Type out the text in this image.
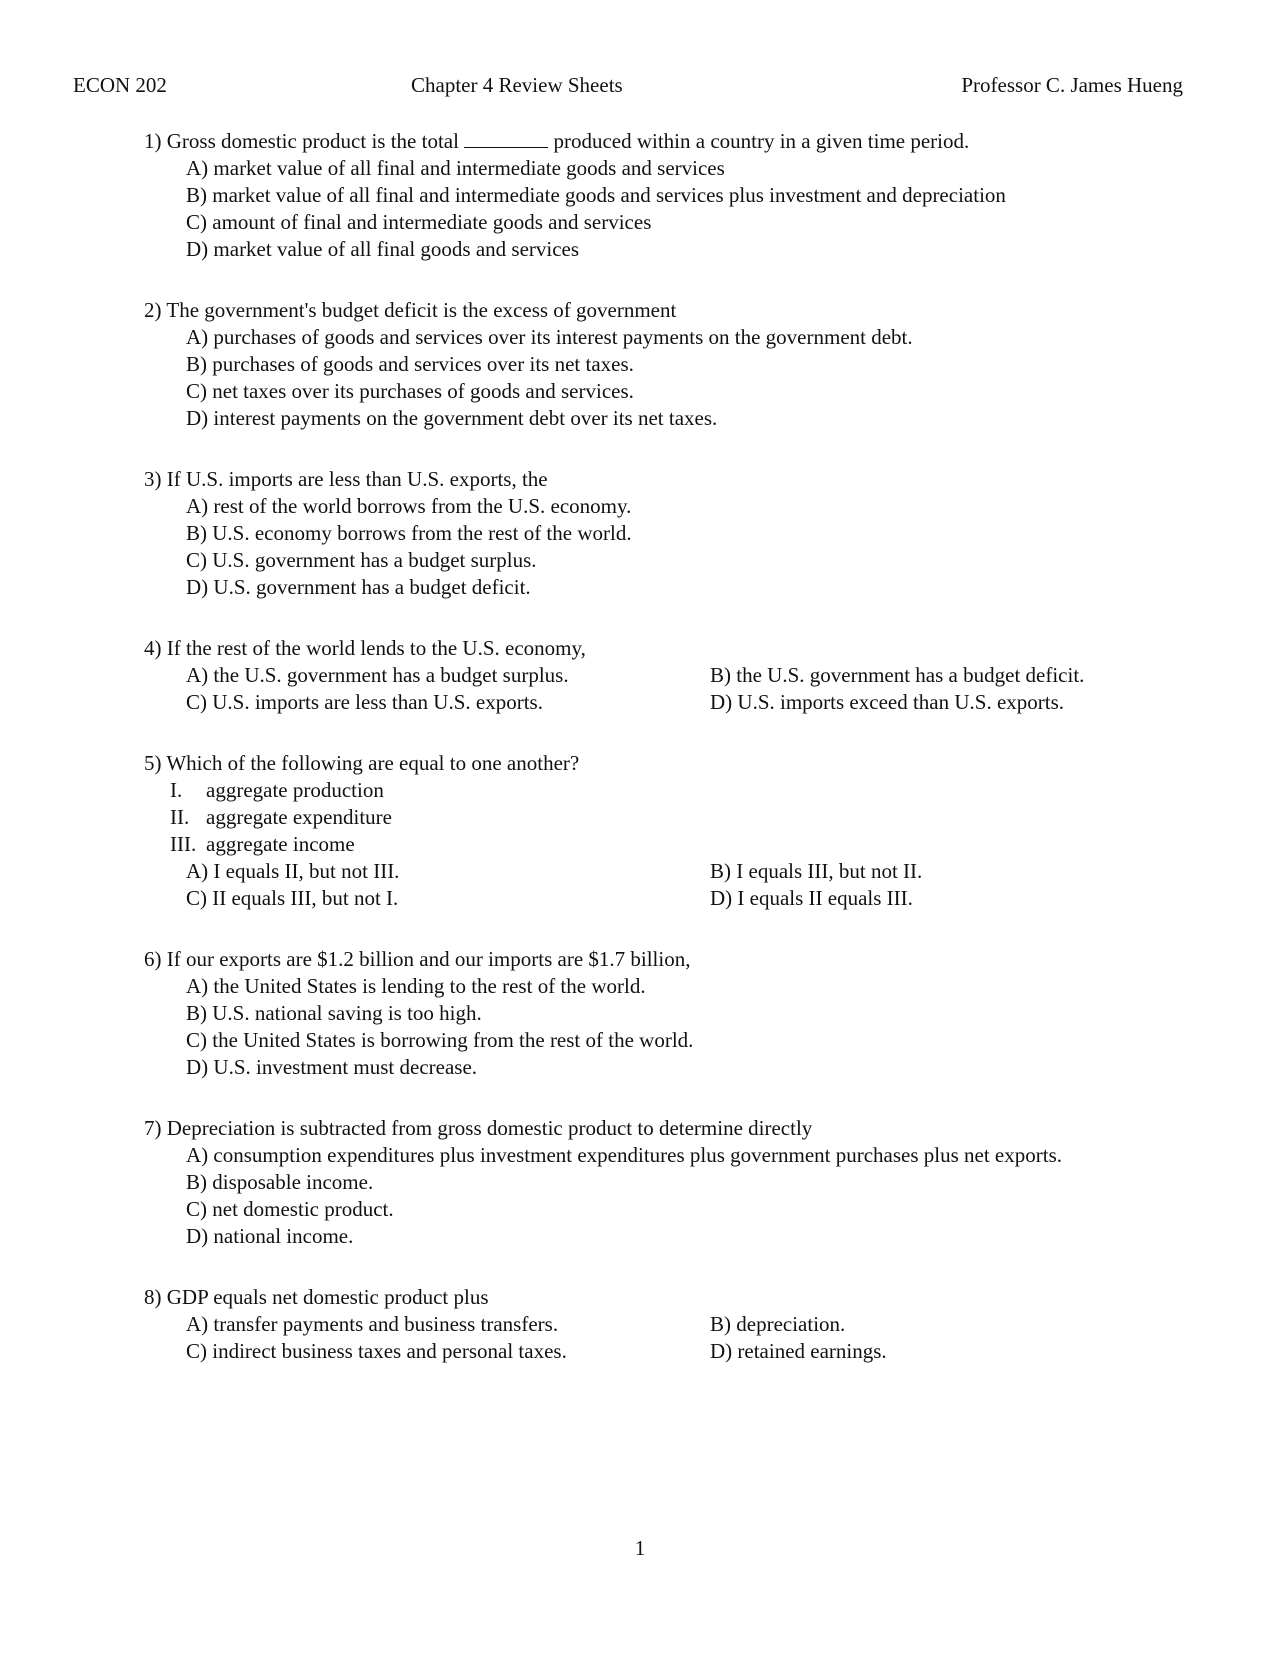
ECON 202	Chapter 4 Review Sheets	Professor C. James Hueng
1) Gross domestic product is the total	produced within a country in a given time period.
A) market value of all final and intermediate goods and services
B) market value of all final and intermediate goods and services plus investment and depreciation
C) amount of final and intermediate goods and services
D) market value of all final goods and services
2) The government's budget deficit is the excess of government
A) purchases of goods and services over its interest payments on the government debt.
B) purchases of goods and services over its net taxes.
C) net taxes over its purchases of goods and services.
D) interest payments on the government debt over its net taxes.
3) If U.S. imports are less than U.S. exports, the
A) rest of the world borrows from the U.S. economy.
B) U.S. economy borrows from the rest of the world.
C) U.S. government has a budget surplus.
D) U.S. government has a budget deficit.
4) If the rest of the world lends to the U.S. economy,
A) the U.S. government has a budget surplus.	B) the U.S. government has a budget deficit.
C) U.S. imports are less than U.S. exports.	D) U.S. imports exceed than U.S. exports.
5) Which of the following are equal to one another?
I. aggregate production
II. aggregate expenditure
III. aggregate income
A) I equals II, but not III.	B) I equals III, but not II.
C) II equals III, but not I.	D) I equals II equals III.
6) If our exports are $1.2 billion and our imports are $1.7 billion,
A) the United States is lending to the rest of the world.
B) U.S. national saving is too high.
C) the United States is borrowing from the rest of the world.
D) U.S. investment must decrease.
7) Depreciation is subtracted from gross domestic product to determine directly
A) consumption expenditures plus investment expenditures plus government purchases plus net exports.
B) disposable income.
C) net domestic product.
D) national income.
8) GDP equals net domestic product plus
A) transfer payments and business transfers.	B) depreciation.
C) indirect business taxes and personal taxes.	D) retained earnings.
1
